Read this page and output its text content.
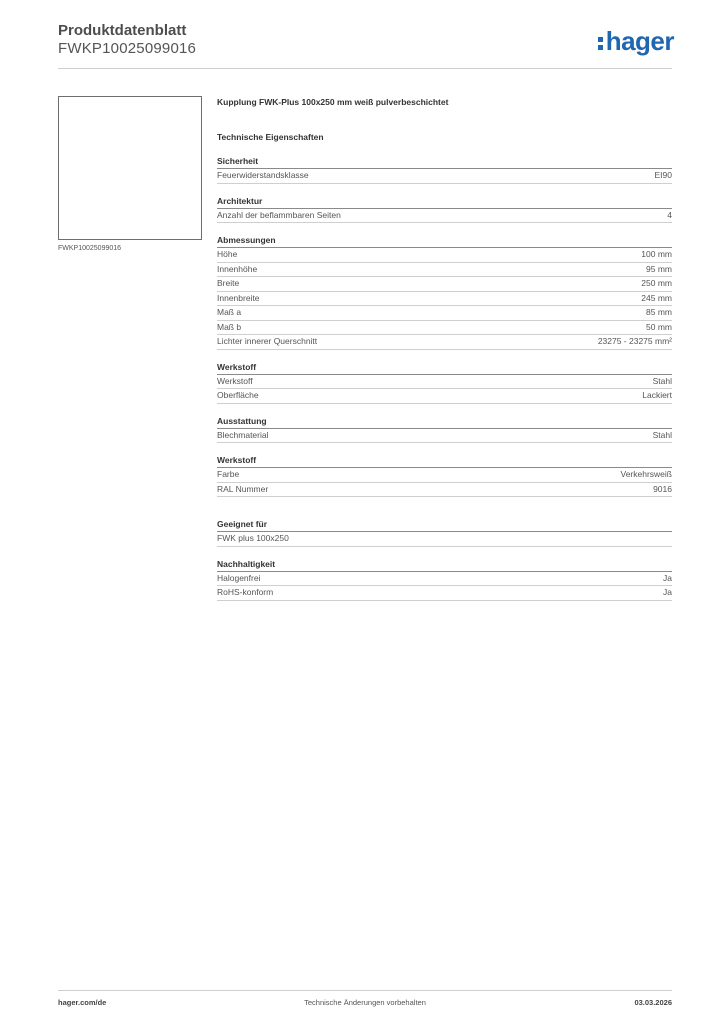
Produktdatenblatt
FWKP10025099016	hager
FWKP10025099016
Kupplung FWK-Plus 100x250 mm weiß pulverbeschichtet
Technische Eigenschaften
Sicherheit
Feuerwiderstandsklasse	EI90
Architektur
Anzahl der beflammbaren Seiten	4
Abmessungen
Höhe	100 mm
Innenhöhe	95 mm
Breite	250 mm
Innenbreite	245 mm
Maß a	85 mm
Maß b	50 mm
Lichter innerer Querschnitt	23275 - 23275 mm²
Werkstoff
Werkstoff	Stahl
Oberfläche	Lackiert
Ausstattung
Blechmaterial	Stahl
Werkstoff
Farbe	Verkehrsweiß
RAL Nummer	9016
Geeignet für
FWK plus 100x250
Nachhaltigkeit
Halogenfrei	Ja
RoHS-konform	Ja
hager.com/de	Technische Änderungen vorbehalten	03.03.2026
